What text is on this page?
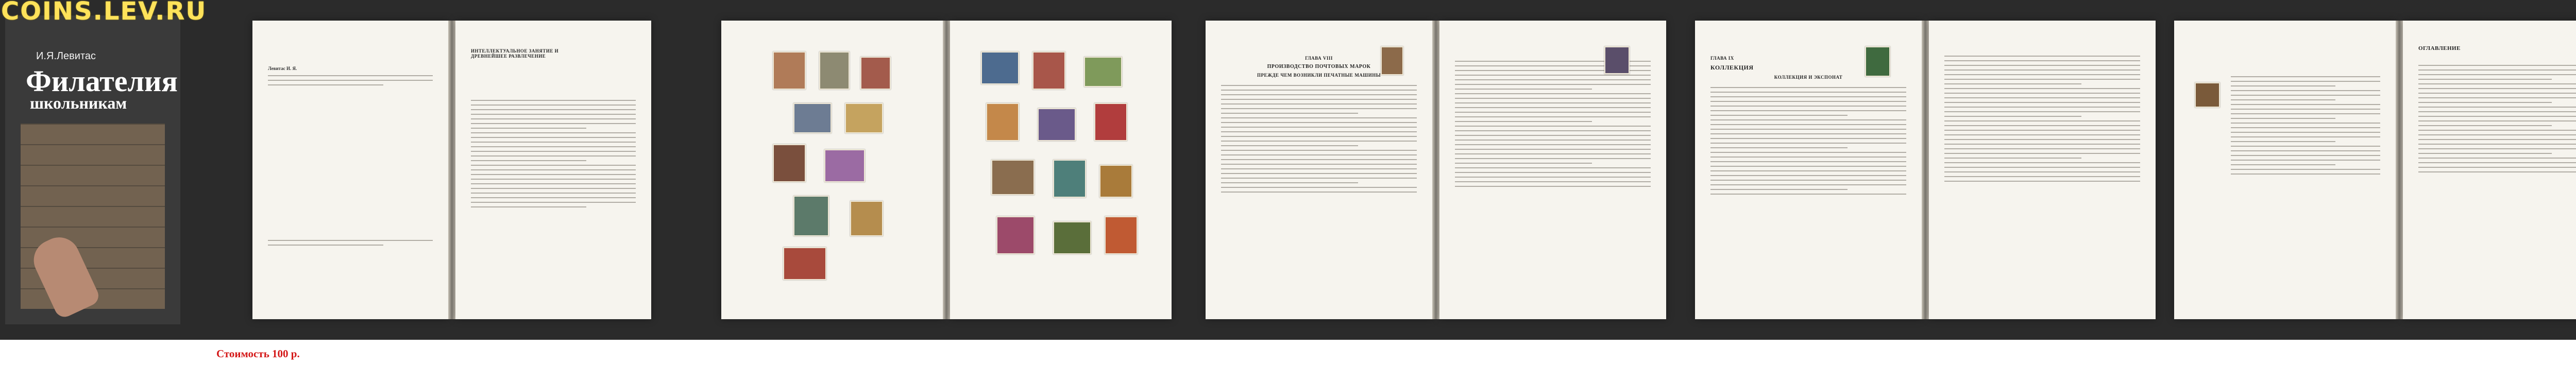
И.Я.Левитас
Филателия
школьникам
Левитас И. Я.
ИНТЕЛЛЕКТУАЛЬНОЕ ЗАНЯТИЕ И ДРЕВНЕЙШЕЕ РАЗВЛЕЧЕНИЕ	ГЛАВА VIII
ПРОИЗВОДСТВО ПОЧТОВЫХ МАРОК
ПРЕЖДЕ ЧЕМ ВОЗНИКЛИ ПЕЧАТНЫЕ МАШИНЫ
ГЛАВА IX
КОЛЛЕКЦИЯ
КОЛЛЕКЦИЯ И ЭКСПОНАТ
ОГЛАВЛЕНИЕ
COINS.LEV.RU
Стоимость 100 р.
